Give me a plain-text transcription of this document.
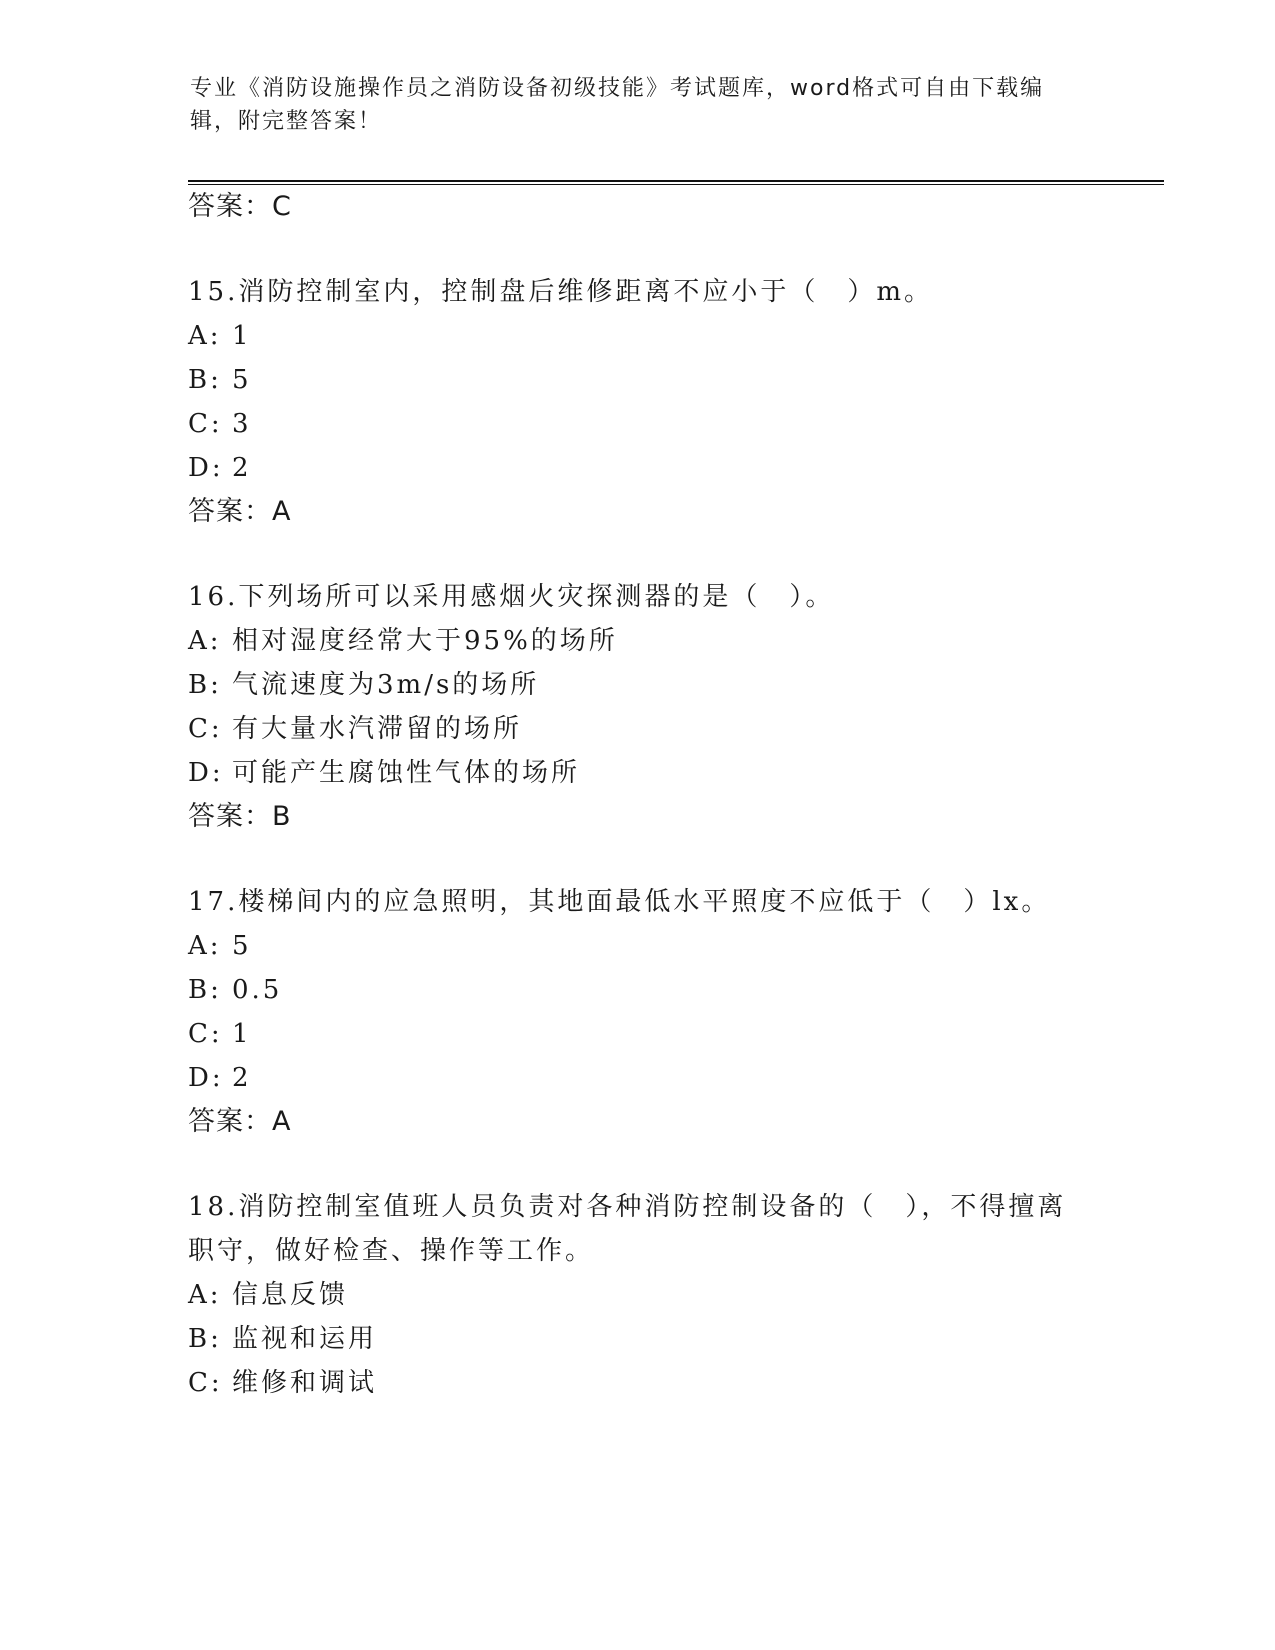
专业《消防设施操作员之消防设备初级技能》考试题库，word格式可自由下载编
辑，附完整答案！
答案：C
15.消防控制室内，控制盘后维修距离不应小于（　）m。
A: 1
B: 5
C: 3
D: 2
答案：A
16.下列场所可以采用感烟火灾探测器的是（　）。
A: 相对湿度经常大于95%的场所
B: 气流速度为3m/s的场所
C: 有大量水汽滞留的场所
D: 可能产生腐蚀性气体的场所
答案：B
17.楼梯间内的应急照明，其地面最低水平照度不应低于（　）lx。
A: 5
B: 0.5
C: 1
D: 2
答案：A
18.消防控制室值班人员负责对各种消防控制设备的（　），不得擅离
职守，做好检查、操作等工作。
A: 信息反馈
B: 监视和运用
C: 维修和调试
